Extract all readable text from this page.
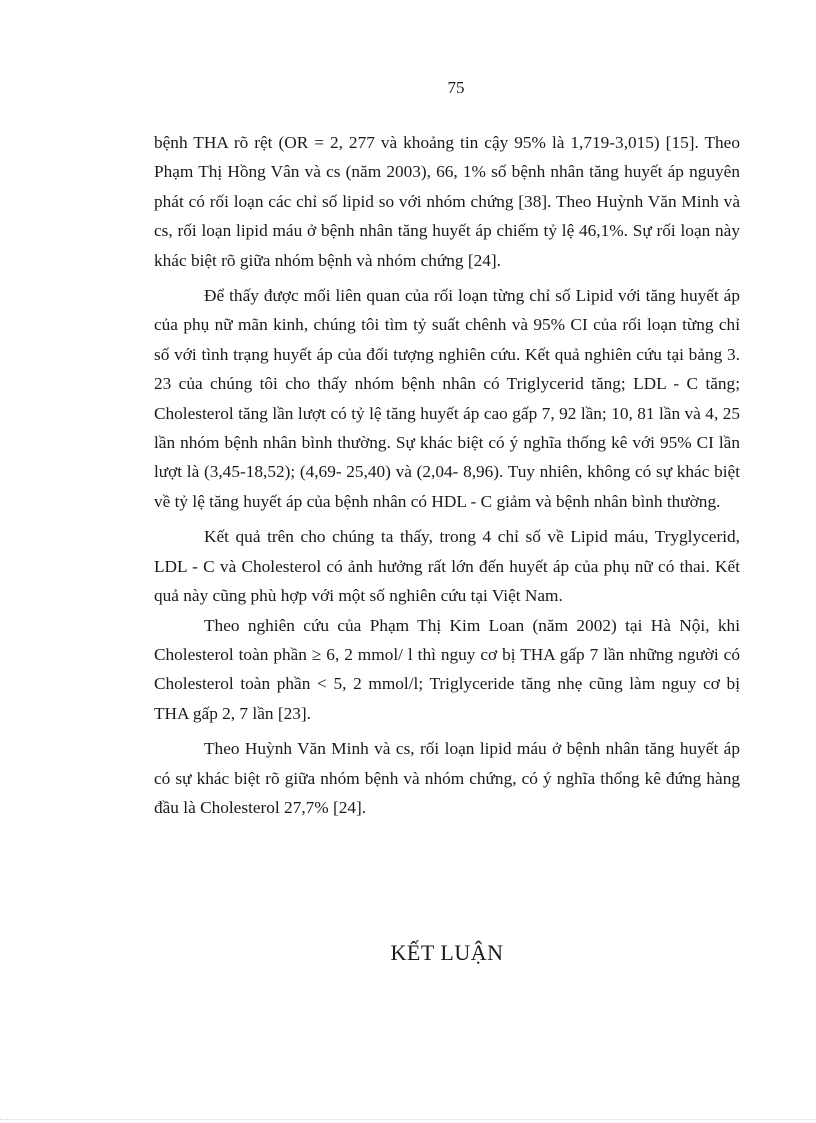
75

bệnh THA rõ rệt (OR = 2, 277 và khoảng tin cậy 95% là 1,719-3,015) [15]. Theo Phạm Thị Hồng Vân và cs (năm 2003), 66, 1% số bệnh nhân tăng huyết áp nguyên phát có rối loạn các chỉ số lipid so với nhóm chứng [38]. Theo Huỳnh Văn Minh và cs, rối loạn lipid máu ở bệnh nhân tăng huyết áp chiếm tỷ lệ 46,1%. Sự rối loạn này khác biệt rõ giữa nhóm bệnh và nhóm chứng [24].

Để thấy được mối liên quan của rối loạn từng chỉ số Lipid với tăng huyết áp của phụ nữ mãn kinh, chúng tôi tìm tỷ suất chênh và 95% CI của rối loạn từng chỉ số với tình trạng huyết áp của đối tượng nghiên cứu. Kết quả nghiên cứu tại bảng 3. 23 của chúng tôi cho thấy nhóm bệnh nhân có Triglycerid tăng; LDL - C tăng; Cholesterol tăng lần lượt có tỷ lệ tăng huyết áp cao gấp 7, 92 lần; 10, 81 lần và 4, 25 lần nhóm bệnh nhân bình thường. Sự khác biệt có ý nghĩa thống kê với 95% CI lần lượt là (3,45-18,52); (4,69- 25,40) và (2,04- 8,96). Tuy nhiên, không có sự khác biệt về tỷ lệ tăng huyết áp của bệnh nhân có HDL - C giảm và bệnh nhân bình thường.

Kết quả trên cho chúng ta thấy, trong 4 chỉ số về Lipid máu, Tryglycerid, LDL - C và Cholesterol có ảnh hưởng rất lớn đến huyết áp của phụ nữ có thai. Kết quả này cũng phù hợp với một số nghiên cứu tại Việt Nam.

Theo nghiên cứu của Phạm Thị Kim Loan (năm 2002) tại Hà Nội, khi Cholesterol toàn phần ≥ 6, 2 mmol/ l thì nguy cơ bị THA gấp 7 lần những người có Cholesterol toàn phần < 5, 2 mmol/l; Triglyceride tăng nhẹ cũng làm nguy cơ bị THA gấp 2, 7 lần [23].

Theo Huỳnh Văn Minh và cs, rối loạn lipid máu ở bệnh nhân tăng huyết áp có sự khác biệt rõ giữa nhóm bệnh và nhóm chứng, có ý nghĩa thống kê đứng hàng đầu là Cholesterol 27,7% [24].

KẾT LUẬN
